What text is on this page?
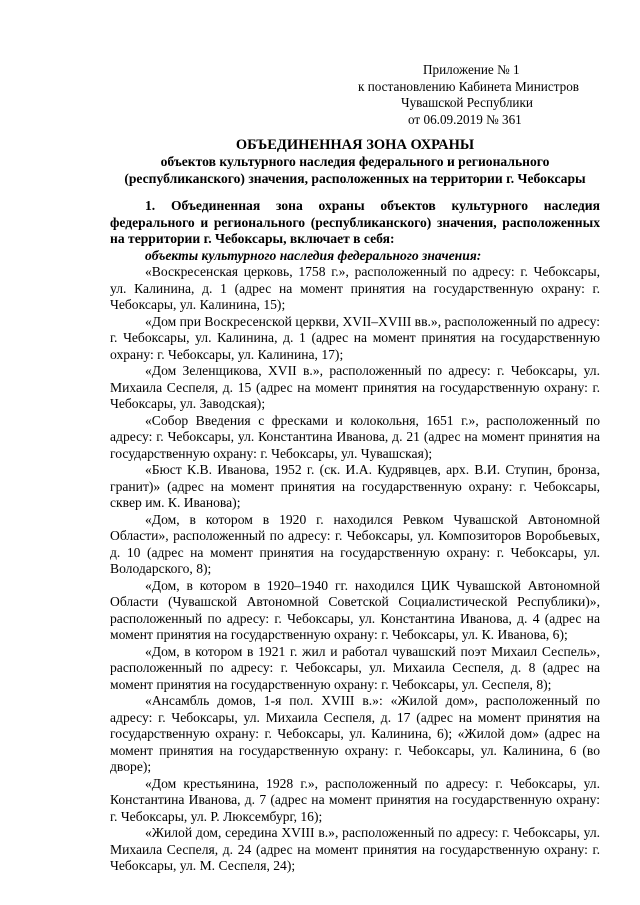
Приложение № 1
к постановлению Кабинета Министров
Чувашской Республики
от 06.09.2019 № 361
ОБЪЕДИНЕННАЯ ЗОНА ОХРАНЫ
объектов культурного наследия федерального и регионального
(республиканского) значения, расположенных на территории г. Чебоксары

1. Объединенная зона охраны объектов культурного наследия федерального и регионального (республиканского) значения, расположенных на территории г. Чебоксары, включает в себя:

объекты культурного наследия федерального значения:

«Воскресенская церковь, 1758 г.», расположенный по адресу: г. Чебоксары, ул. Калинина, д. 1 (адрес на момент принятия на государственную охрану: г. Чебоксары, ул. Калинина, 15);

«Дом при Воскресенской церкви, XVII–XVIII вв.», расположенный по адресу: г. Чебоксары, ул. Калинина, д. 1 (адрес на момент принятия на государственную охрану: г. Чебоксары, ул. Калинина, 17);

«Дом Зеленщикова, XVII в.», расположенный по адресу: г. Чебоксары, ул. Михаила Сеспеля, д. 15 (адрес на момент принятия на государственную охрану: г. Чебоксары, ул. Заводская);

«Собор Введения с фресками и колокольня, 1651 г.», расположенный по адресу: г. Чебоксары, ул. Константина Иванова, д. 21 (адрес на момент принятия на государственную охрану: г. Чебоксары, ул. Чувашская);

«Бюст К.В. Иванова, 1952 г. (ск. И.А. Кудрявцев, арх. В.И. Ступин, бронза, гранит)» (адрес на момент принятия на государственную охрану: г. Чебоксары, сквер им. К. Иванова);

«Дом, в котором в 1920 г. находился Ревком Чувашской Автономной Области», расположенный по адресу: г. Чебоксары, ул. Композиторов Воробьевых, д. 10 (адрес на момент принятия на государственную охрану: г. Чебоксары, ул. Володарского, 8);

«Дом, в котором в 1920–1940 гг. находился ЦИК Чувашской Автономной Области (Чувашской Автономной Советской Социалистической Республики)», расположенный по адресу: г. Чебоксары, ул. Константина Иванова, д. 4 (адрес на момент принятия на государственную охрану: г. Чебоксары, ул. К. Иванова, 6);

«Дом, в котором в 1921 г. жил и работал чувашский поэт Михаил Сеспель», расположенный по адресу: г. Чебоксары, ул. Михаила Сеспеля, д. 8 (адрес на момент принятия на государственную охрану: г. Чебоксары, ул. Сеспеля, 8);

«Ансамбль домов, 1-я пол. XVIII в.»: «Жилой дом», расположенный по адресу: г. Чебоксары, ул. Михаила Сеспеля, д. 17 (адрес на момент принятия на государственную охрану: г. Чебоксары, ул. Калинина, 6); «Жилой дом» (адрес на момент принятия на государственную охрану: г. Чебоксары, ул. Калинина, 6 (во дворе);

«Дом крестьянина, 1928 г.», расположенный по адресу: г. Чебоксары, ул. Константина Иванова, д. 7 (адрес на момент принятия на государственную охрану: г. Чебоксары, ул. Р. Люксембург, 16);

«Жилой дом, середина XVIII в.», расположенный по адресу: г. Чебоксары, ул. Михаила Сеспеля, д. 24 (адрес на момент принятия на государственную охрану: г. Чебоксары, ул. М. Сеспеля, 24);
